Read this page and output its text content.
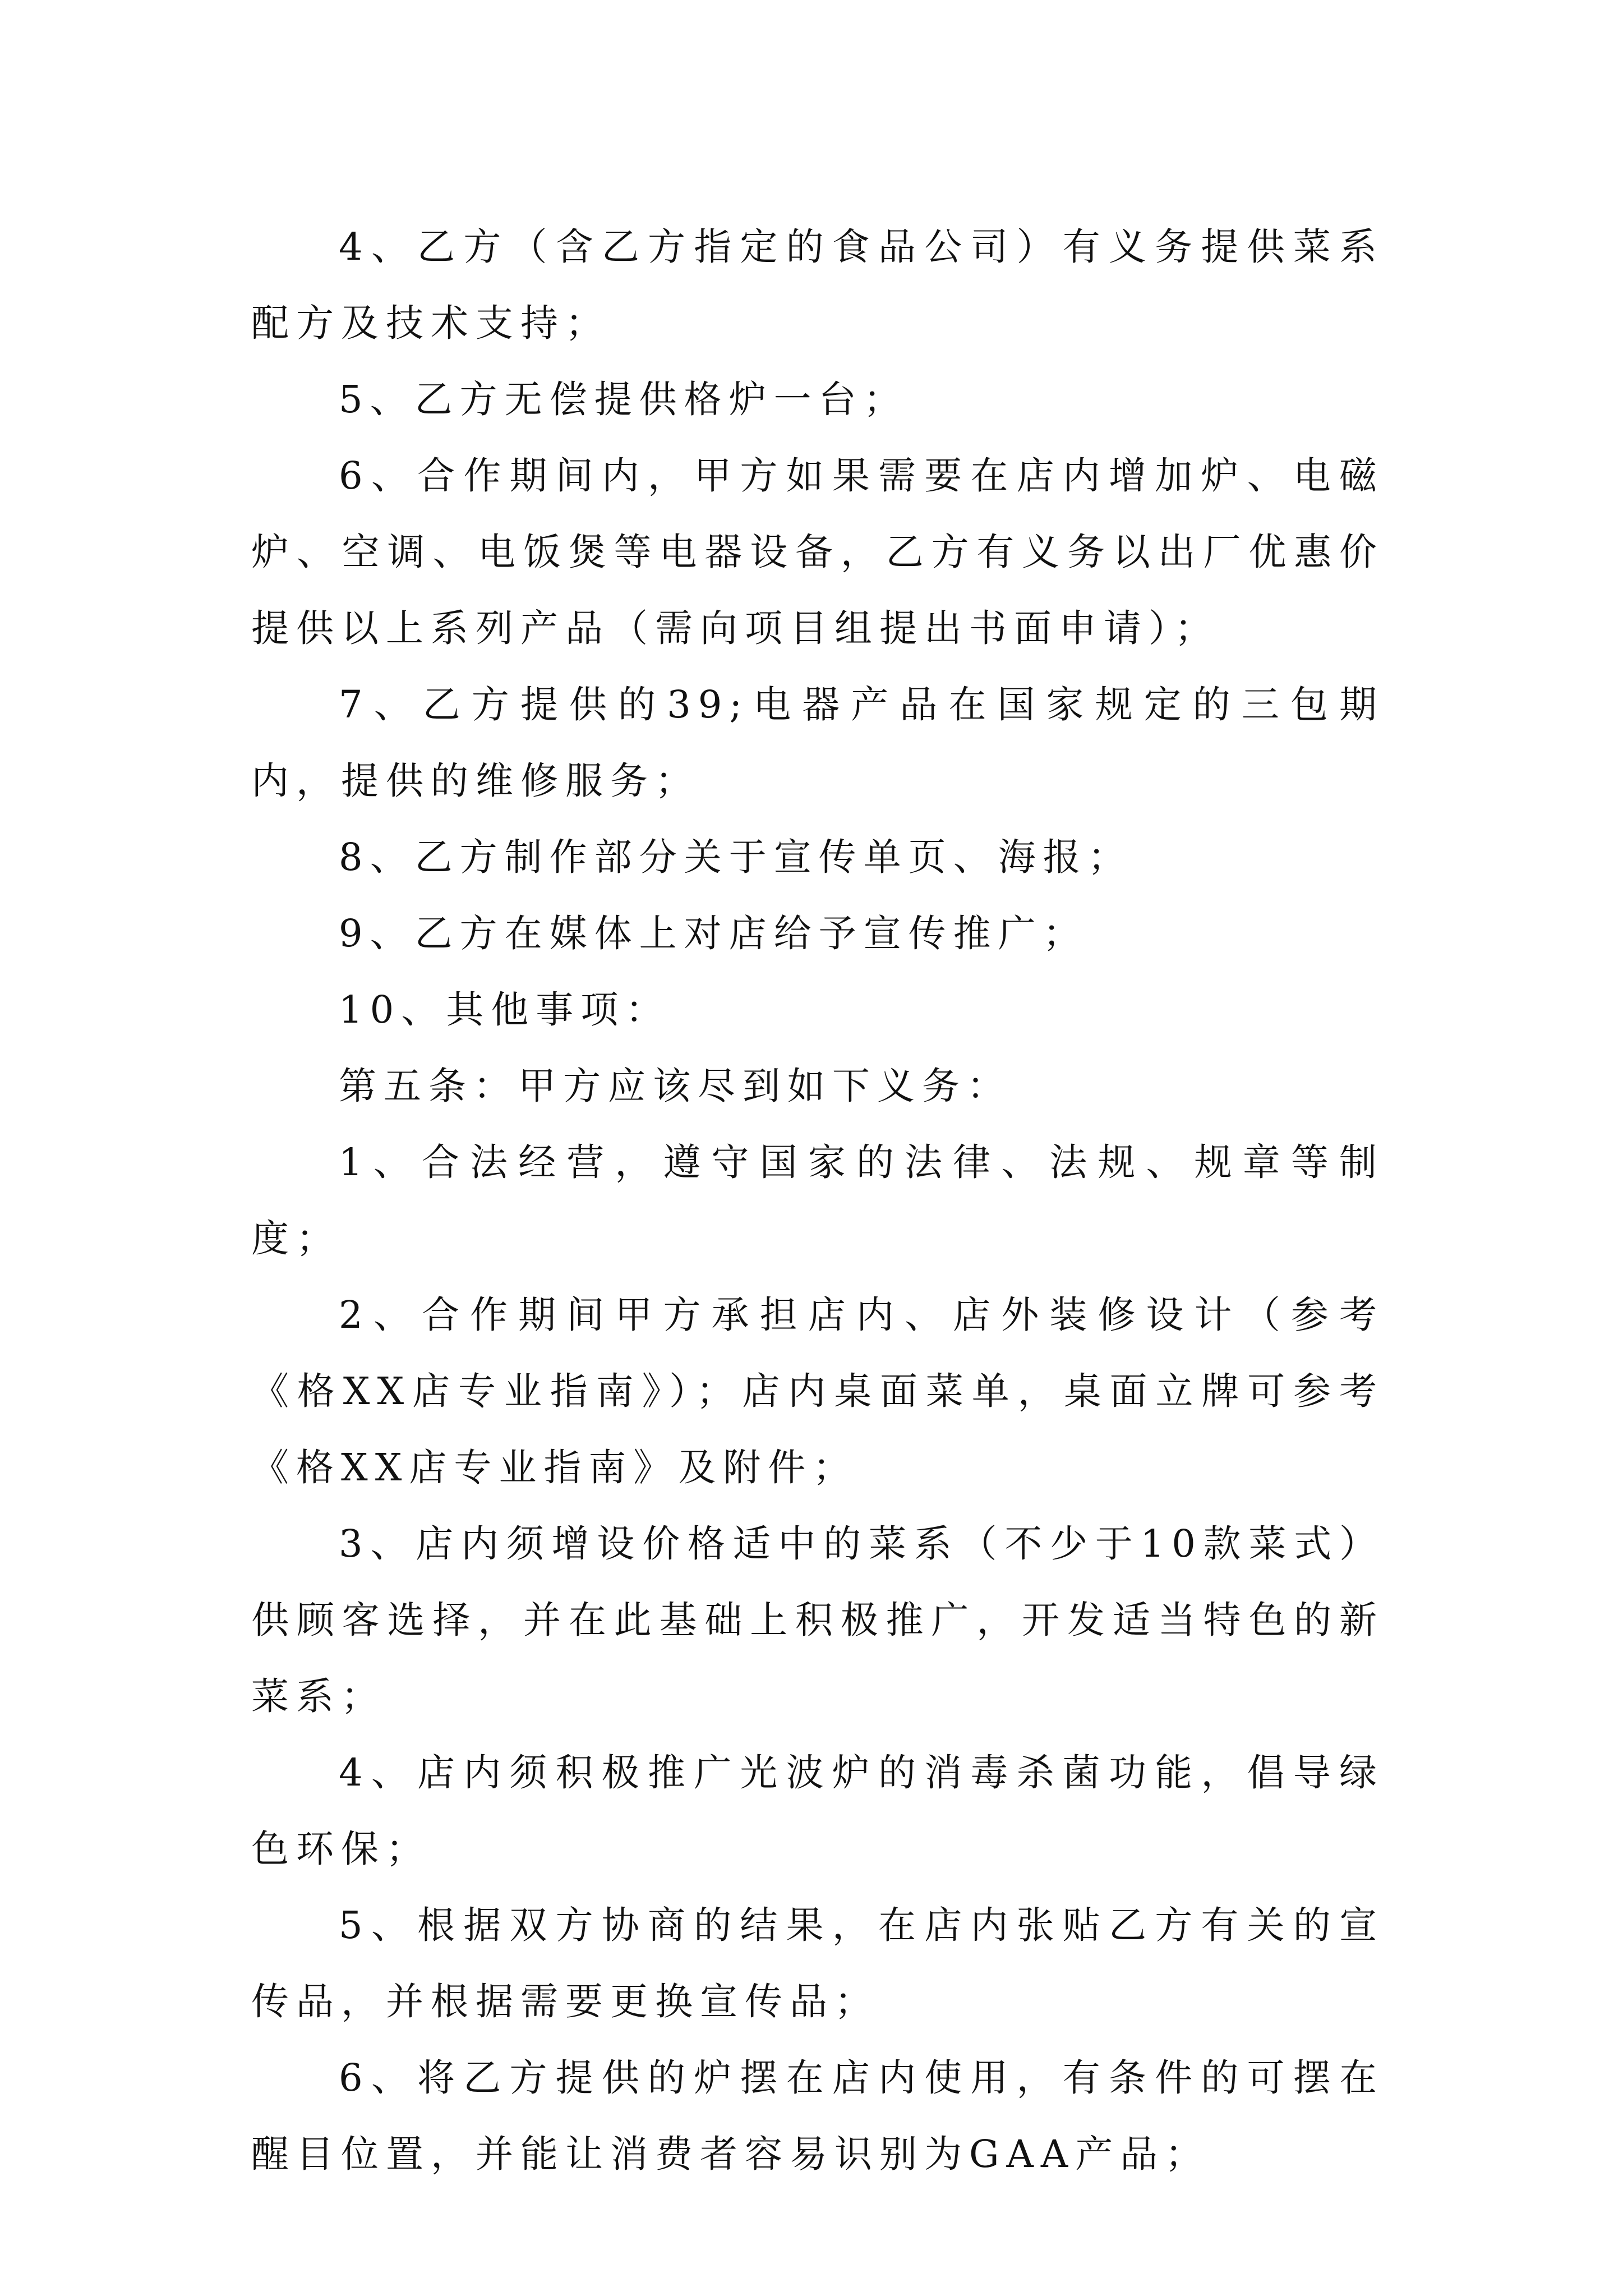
4、乙方（含乙方指定的食品公司）有义务提供菜系配方及技术支持；

5、乙方无偿提供格炉一台；

6、合作期间内，甲方如果需要在店内增加炉、电磁炉、空调、电饭煲等电器设备，乙方有义务以出厂优惠价提供以上系列产品（需向项目组提出书面申请）；

7、乙方提供的39;电器产品在国家规定的三包期内，提供的维修服务；

8、乙方制作部分关于宣传单页、海报；

9、乙方在媒体上对店给予宣传推广；

10、其他事项：

第五条：甲方应该尽到如下义务：

1、合法经营，遵守国家的法律、法规、规章等制度；

2、合作期间甲方承担店内、店外装修设计（参考《格XX店专业指南》）；店内桌面菜单，桌面立牌可参考《格XX店专业指南》及附件；

3、店内须增设价格适中的菜系（不少于10款菜式）供顾客选择，并在此基础上积极推广，开发适当特色的新菜系；

4、店内须积极推广光波炉的消毒杀菌功能，倡导绿色环保；

5、根据双方协商的结果，在店内张贴乙方有关的宣传品，并根据需要更换宣传品；

6、将乙方提供的炉摆在店内使用，有条件的可摆在醒目位置，并能让消费者容易识别为GAA产品；
